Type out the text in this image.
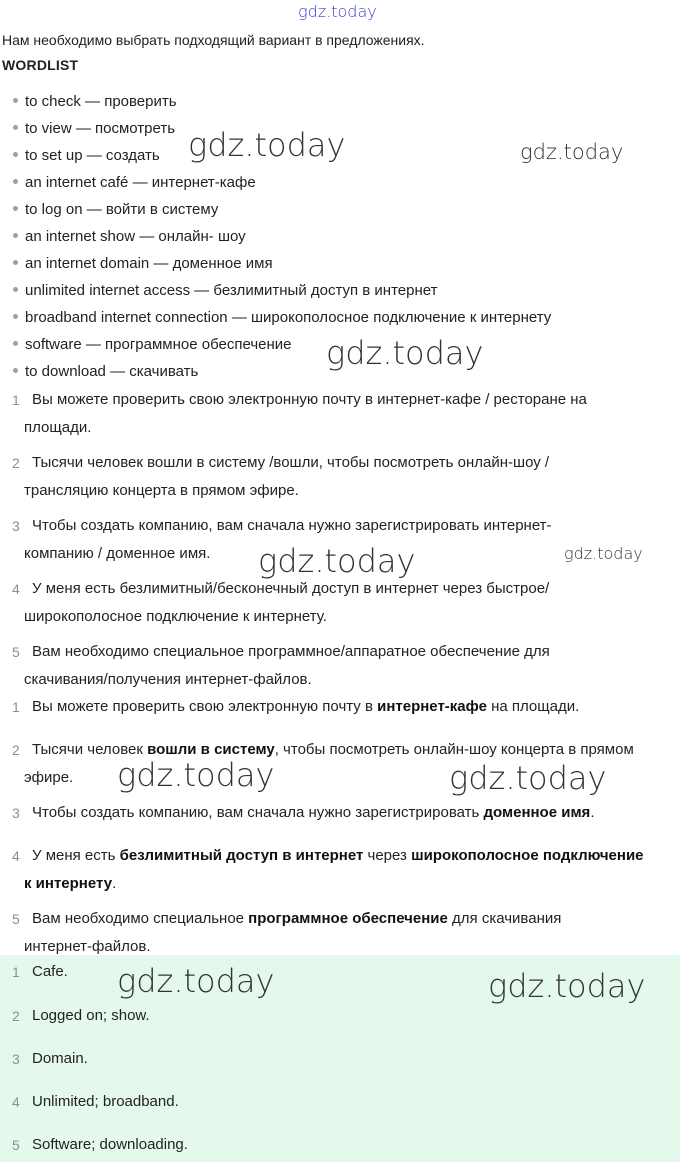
gdz.today
Нам необходимо выбрать подходящий вариант в предложениях.
WORDLIST
to check — проверить
to view — посмотреть
to set up — создать
an internet café — интернет-кафе
to log on — войти в систему
an internet show — онлайн- шоу
an internet domain — доменное имя
unlimited internet access — безлимитный доступ в интернет
broadband internet connection — широкополосное подключение к интернету
software — программное обеспечение
to download — скачивать
1 Вы можете проверить свою электронную почту в интернет-кафе / ресторане на
площади.
2 Тысячи человек вошли в систему /вошли, чтобы посмотреть онлайн-шоу /
трансляцию концерта в прямом эфире.
3 Чтобы создать компанию, вам сначала нужно зарегистрировать интернет-
компанию / доменное имя.
4 У меня есть безлимитный/бесконечный доступ в интернет через быстрое/
широкополосное подключение к интернету.
5 Вам необходимо специальное программное/аппаратное обеспечение для
скачивания/получения интернет-файлов.
1 Вы можете проверить свою электронную почту в интернет-кафе на площади.
2 Тысячи человек вошли в систему, чтобы посмотреть онлайн-шоу концерта в прямом
эфире.
3 Чтобы создать компанию, вам сначала нужно зарегистрировать доменное имя.
4 У меня есть безлимитный доступ в интернет через широкополосное подключение
к интернету.
5 Вам необходимо специальное программное обеспечение для скачивания
интернет-файлов.
1 Cafe.
2 Logged on; show.
3 Domain.
4 Unlimited; broadband.
5 Software; downloading.
gdz.today	gdz.today
gdz.today
gdz.today	gdz.today
gdz.today	gdz.today
gdz.today	gdz.today
